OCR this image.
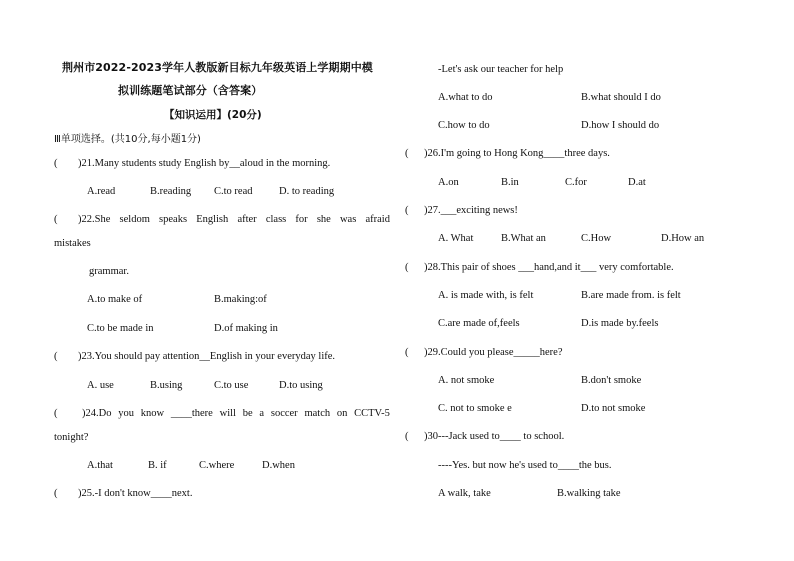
荆州市2022-2023学年人教版新目标九年级英语上学期期中模
拟训练题笔试部分（含答案）
【知识运用】(20分)
Ⅲ单项选择。(共10分,每小题1分)
( )21.Many students study English by__aloud in the morning.
A.read	B.reading C.to read	D. to reading
( )22.She seldom speaks English after class for she was afraid
mistakes
grammar.
A.to make of	B.making:of
C.to be made in	D.of making in
( )23.You should pay attention__English in your everyday life.
A. use	B.using	C.to use	D.to using
( )24.Do you know ____there will be a soccer match on CCTV-5
tonight?
A.that	B. if	C.where	D.when
( )25.-I don't know____next.
-Let's ask our teacher for help
A.what to do	B.what should I do
C.how to do	D.how I should do
( )26.I'm going to Hong Kong____three days.
A.on	B.in	C.for	D.at
( )27.___exciting news!
A. What	B.What an	C.How	D.How an
( )28.This pair of shoes ___hand,and it___ very comfortable.
A. is made with, is felt	B.are made from. is felt
C.are made of,feels	D.is made by.feels
( )29.Could you please_____here?
A. not smoke	B.don't smoke
C. not to smoke e	D.to not smoke
( )30---Jack used to____ to school.
----Yes. but now he's used to____the bus.
A walk, take	B.walking take
